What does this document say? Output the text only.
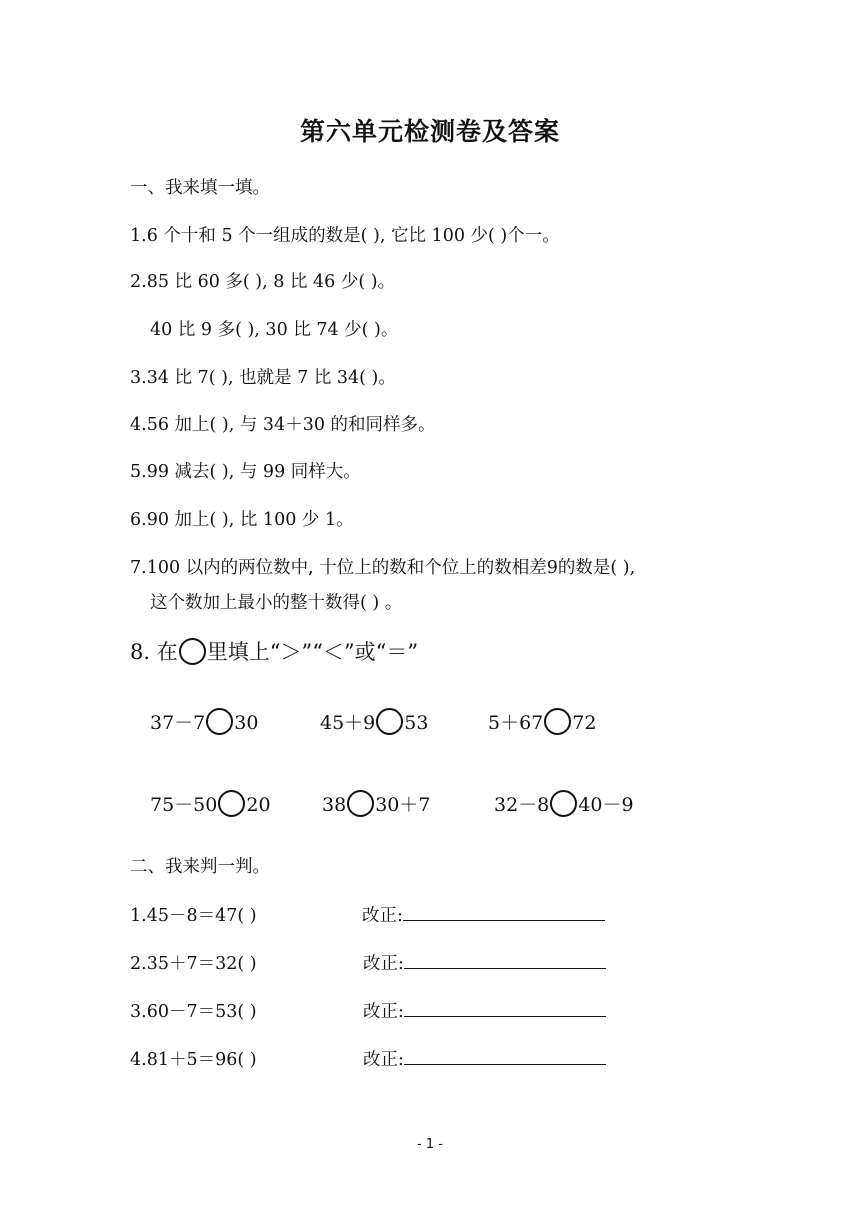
第六单元检测卷及答案
一、我来填一填。
1.6 个十和 5 个一组成的数是( ), 它比 100 少( )个一。
2.85 比 60 多( ), 8 比 46 少( )。
40 比 9 多( ), 30 比 74 少( )。
3.34 比 7( ), 也就是 7 比 34( )。
4.56 加上( ), 与 34＋30 的和同样多。
5.99 减去( ), 与 99 同样大。
6.90 加上( ), 比 100 少 1。
7.100 以内的两位数中, 十位上的数和个位上的数相差9的数是( ),
这个数加上最小的整十数得( ) 。
8. 在 里填上“＞”“＜”或“＝”
37－7 30	45＋9 53	5＋67 72
75－50 20	38 30＋7	32－8 40－9
二、我来判一判。
1.45－8＝47( )	改正:
2.35＋7＝32( )	改正:
3.60－7＝53( )	改正:
4.81＋5＝96( )	改正:
- 1 -
